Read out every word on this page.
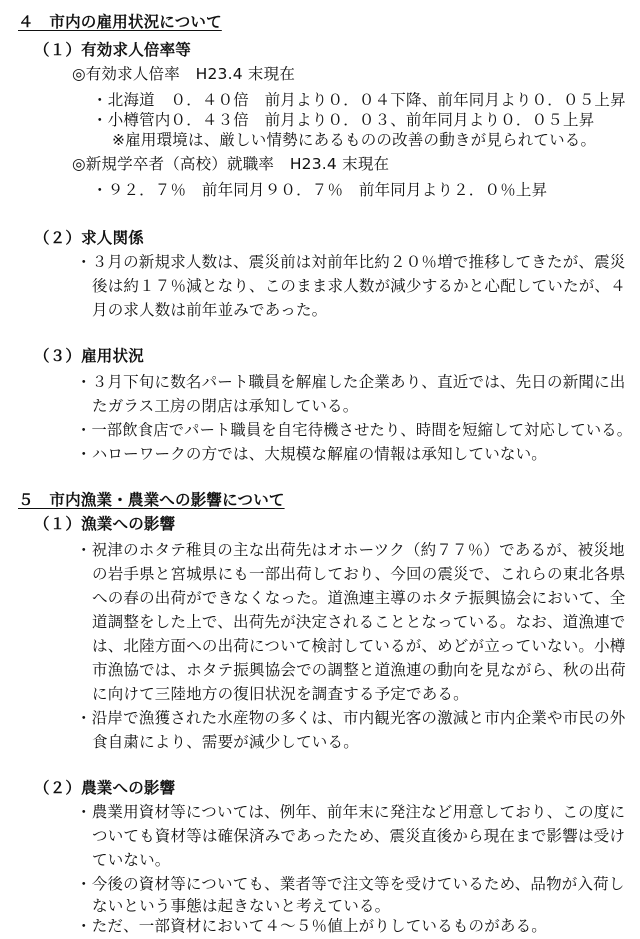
４　市内の雇用状況について
（１）有効求人倍率等
◎有効求人倍率　H23.4 末現在
・北海道　０．４０倍　前月より０．０４下降、前年同月より０．０５上昇
・小樽管内０．４３倍　前月より０．０３、前年同月より０．０５上昇
※雇用環境は、厳しい情勢にあるものの改善の動きが見られている。
◎新規学卒者（高校）就職率　H23.4 末現在
・９２．７％　前年同月９０．７％　前年同月より２．０％上昇
（２）求人関係
・３月の新規求人数は、震災前は対前年比約２０％増で推移してきたが、震災
後は約１７％減となり、このまま求人数が減少するかと心配していたが、４
月の求人数は前年並みであった。
（３）雇用状況
・３月下旬に数名パート職員を解雇した企業あり、直近では、先日の新聞に出
たガラス工房の閉店は承知している。
・一部飲食店でパート職員を自宅待機させたり、時間を短縮して対応している。
・ハローワークの方では、大規模な解雇の情報は承知していない。
５　市内漁業・農業への影響について
（１）漁業への影響
・祝津のホタテ稚貝の主な出荷先はオホーツク（約７７％）であるが、被災地
の岩手県と宮城県にも一部出荷しており、今回の震災で、これらの東北各県
への春の出荷ができなくなった。道漁連主導のホタテ振興協会において、全
道調整をした上で、出荷先が決定されることとなっている。なお、道漁連で
は、北陸方面への出荷について検討しているが、めどが立っていない。小樽
市漁協では、ホタテ振興協会での調整と道漁連の動向を見ながら、秋の出荷
に向けて三陸地方の復旧状況を調査する予定である。
・沿岸で漁獲された水産物の多くは、市内観光客の激減と市内企業や市民の外
食自粛により、需要が減少している。
（２）農業への影響
・農業用資材等については、例年、前年末に発注など用意しており、この度に
ついても資材等は確保済みであったため、震災直後から現在まで影響は受け
ていない。
・今後の資材等についても、業者等で注文等を受けているため、品物が入荷し
ないという事態は起きないと考えている。
・ただ、一部資材において４～５％値上がりしているものがある。
